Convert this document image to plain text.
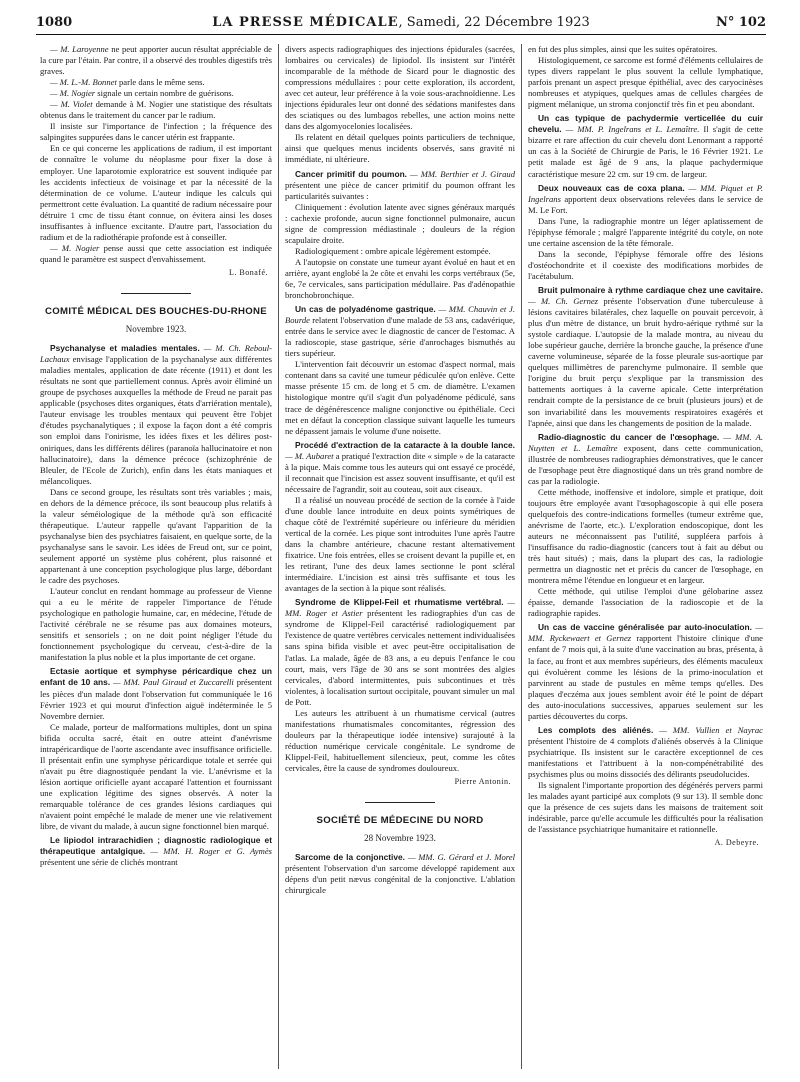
1080	LA PRESSE MÉDICALE, Samedi, 22 Décembre 1923	N° 102

— M. Laroyenne ne peut apporter aucun résultat appréciable de la cure par l'étain. Par contre, il a observé des troubles digestifs très graves.

— M. L.-M. Bonnet parle dans le même sens.

— M. Nogier signale un certain nombre de guérisons.

— M. Violet demande à M. Nogier une statistique des résultats obtenus dans le traitement du cancer par le radium.

Il insiste sur l'importance de l'infection ; la fréquence des salpingites suppurées dans le cancer utérin est frappante.

En ce qui concerne les applications de radium, il est important de connaître le volume du néoplasme pour fixer la dose à employer. Une laparotomie exploratrice est souvent indiquée par les accidents infectieux de voisinage et par la nécessité de la détermination de ce volume. L'auteur indique les calculs qui permettront cette évaluation. La quantité de radium nécessaire pour détruire 1 cmc de tissu étant connue, on évitera ainsi les doses insuffisantes à influence excitante. D'autre part, l'association du radium et de la radiothérapie profonde est à conseiller.

— M. Nogier pense aussi que cette association est indiquée quand le paramètre est suspect d'envahissement.

L. Bonafé.
COMITÉ MÉDICAL DES BOUCHES-DU-RHONE
Novembre 1923.

Psychanalyse et maladies mentales. — M. Ch. Reboul-Lachaux envisage l'application de la psychanalyse aux différentes maladies mentales, application de date récente (1911) et dont les résultats ne sont que partiellement connus. Après avoir éliminé un groupe de psychoses auxquelles la méthode de Freud ne parait pas applicable (psychoses dites organiques, états d'arriération mentale), l'auteur envisage les troubles mentaux qui peuvent être l'objet d'études psychanalytiques ; il expose la façon dont a été compris son emploi dans l'onirisme, les idées fixes et les délires post-oniriques, dans les différents délires (paranoïa hallucinatoire et non hallucinatoire), dans la démence précoce (schizophrénie de Bleuler, de l'Ecole de Zurich), enfin dans les états maniaques et mélancoliques.

Dans ce second groupe, les résultats sont très variables ; mais, en dehors de la démence précoce, ils sont beaucoup plus relatifs à la valeur séméiologique de la méthode qu'à son efficacité thérapeutique. L'auteur rappelle qu'avant l'apparition de la psychanalyse bien des psychiatres faisaient, en quelque sorte, de la psychanalyse sans le savoir. Les idées de Freud ont, sur ce point, seulement apporté un système plus cohérent, plus raisonné et appartenant à une conception psychologique plus large, débordant le cadre des psychoses.

L'auteur conclut en rendant hommage au professeur de Vienne qui a eu le mérite de rappeler l'importance de l'étude psychologique en pathologie humaine, car, en médecine, l'étude de l'activité cérébrale ne se résume pas aux domaines moteurs, sensitifs et sensoriels ; on ne doit point négliger l'étude du fonctionnement psychologique du cerveau, c'est-à-dire de la manifestation la plus noble et la plus importante de cet organe.

Ectasie aortique et symphyse péricardique chez un enfant de 10 ans. — MM. Paul Giraud et Zuccarelli présentent les pièces d'un malade dont l'observation fut communiquée le 16 Février 1923 et qui mourut d'infection aiguë indéterminée le 5 Novembre dernier.

Ce malade, porteur de malformations multiples, dont un spina bifida occulta sacré, était en outre atteint d'anévrisme intrapéricardique de l'aorte ascendante avec insuffisance orificielle. Il présentait enfin une symphyse péricardique totale et serrée qui n'avait pu être diagnostiquée pendant la vie. L'anévrisme et la lésion aortique orificielle ayant accaparé l'attention et fournissant une explication légitime des signes observés. A noter la remarquable tolérance de ces grandes lésions cardiaques qui n'avaient point empêché le malade de mener une vie relativement libre, de vivant du malade, à aucun signe fonctionnel bien marqué.

Le lipiodol intrarachidien ; diagnostic radiologique et thérapeutique antalgique. — MM. H. Roger et G. Aymès présentent une série de clichés montrant

divers aspects radiographiques des injections épidurales (sacrées, lombaires ou cervicales) de lipiodol. Ils insistent sur l'intérêt incomparable de la méthode de Sicard pour le diagnostic des compressions médullaires : pour cette exploration, ils accordent, avec cet auteur, leur préférence à la voie sous-arachnoïdienne. Les injections épidurales leur ont donné des sédations manifestes dans des sciatiques ou des lumbagos rebelles, une action moins nette dans des algomyocelonies localisées.

Ils relatent en détail quelques points particuliers de technique, ainsi que quelques menus incidents observés, sans gravité ni immédiate, ni ultérieure.

Cancer primitif du poumon. — MM. Berthier et J. Giraud présentent une pièce de cancer primitif du poumon offrant les particularités suivantes :

Cliniquement : évolution latente avec signes généraux marqués : cachexie profonde, aucun signe fonctionnel pulmonaire, aucun signe de compression médiastinale ; douleurs de la région scapulaire droite.

Radiologiquement : ombre apicale légèrement estompée.

A l'autopsie on constate une tumeur ayant évolué en haut et en arrière, ayant englobé la 2e côte et envahi les corps vertébraux (5e, 6e, 7e cervicales, sans participation médullaire. Pas d'adénopathie bronchobronchique.

Un cas de polyadénome gastrique. — MM. Chauvin et J. Bourde relatent l'observation d'une malade de 53 ans, cadavérique, entrée dans le service avec le diagnostic de cancer de l'estomac. A la radioscopie, stase gastrique, série d'anrochages bismuthés au tiers supérieur.

L'intervention fait découvrir un estomac d'aspect normal, mais contenant dans sa cavité une tumeur pédiculée qu'on enlève. Cette masse présente 15 cm. de long et 5 cm. de diamètre. L'examen histologique montre qu'il s'agit d'un polyadénome pédiculé, sans trace de dégénérescence maligne conjonctive ou épithéliale. Ceci met en défaut la conception classique suivant laquelle les tumeurs ne dépassent jamais le volume d'une noisette.

Procédé d'extraction de la cataracte à la double lance. — M. Aubaret a pratiqué l'extraction dite « simple » de la cataracte à la pique. Mais comme tous les auteurs qui ont essayé ce procédé, il reconnait que l'incision est assez souvent insuffisante, et qu'il est nécessaire de l'agrandir, soit au couteau, soit aux ciseaux.

Il a réalisé un nouveau procédé de section de la cornée à l'aide d'une double lance introduite en deux points symétriques de chaque côté de l'extrémité supérieure ou inférieure du méridien vertical de la cornée. Les pique sont introduites l'une après l'autre dans la chambre antérieure, chacune restant alternativement fixatrice. Une fois entrées, elles se croisent devant la pupille et, en les retirant, l'une des deux lames sectionne le pont scléral intermédiaire. L'incision est ainsi très suffisante et tous les avantages de la section à la pique sont réalisés.

Syndrome de Klippel-Feil et rhumatisme vertébral. — MM. Roger et Astier présentent les radiographies d'un cas de syndrome de Klippel-Feil caractérisé radiologiquement par l'existence de quatre vertèbres cervicales nettement individualisées sans spina bifida visible et avec peut-être occipitalisation de l'atlas. La malade, âgée de 83 ans, a eu depuis l'enfance le cou court, mais, vers l'âge de 30 ans se sont montrées des algies cervicales, d'abord intermittentes, puis subcontinues et très violentes, à localisation surtout occipitale, pouvant simuler un mal de Pott.

Les auteurs les attribuent à un rhumatisme cervical (autres manifestations rhumatismales concomitantes, régression des douleurs par la thérapeutique iodée intensive) surajouté à la réduction numérique cervicale congénitale. Le syndrome de Klippel-Feil, habituellement silencieux, peut, comme les côtes cervicales, être la cause de syndromes douloureux.

Pierre Antonin.
SOCIÉTÉ DE MÉDECINE DU NORD
28 Novembre 1923.

Sarcome de la conjonctive. — MM. G. Gérard et J. Morel présentent l'observation d'un sarcome développé rapidement aux dépens d'un petit nævus congénital de la conjonctive. L'ablation chirurgicale

en fut des plus simples, ainsi que les suites opératoires.

Histologiquement, ce sarcome est formé d'éléments cellulaires de types divers rappelant le plus souvent la cellule lymphatique, parfois prenant un aspect presque épithélial, avec des caryocinèses nombreuses et atypiques, quelques amas de cellules chargées de pigment mélanique, un stroma conjonctif très fin et peu abondant.

Un cas typique de pachydermie verticellée du cuir chevelu. — MM. P. Ingelrans et L. Lemaître. Il s'agit de cette bizarre et rare affection du cuir chevelu dont Lenormant a rapporté un cas à la Société de Chirurgie de Paris, le 16 Février 1921. Le petit malade est âgé de 9 ans, la plaque pachydermique caractéristique mesure 22 cm. sur 19 cm. de largeur.

Deux nouveaux cas de coxa plana. — MM. Piquet et P. Ingelrans apportent deux observations relevées dans le service de M. Le Fort.

Dans l'une, la radiographie montre un léger aplatissement de l'épiphyse fémorale ; malgré l'apparente intégrité du cotyle, on note une certaine ascension de la tête fémorale.

Dans la seconde, l'épiphyse fémorale offre des lésions d'ostéochondrite et il coexiste des modifications morbides de l'acétabulum.

Bruit pulmonaire à rythme cardiaque chez une cavitaire. — M. Ch. Gernez présente l'observation d'une tuberculeuse à lésions cavitaires bilatérales, chez laquelle on pouvait percevoir, à plus d'un mètre de distance, un bruit hydro-aérique rythmé sur la systole cardiaque. L'autopsie de la malade montra, au niveau du lobe supérieur gauche, derrière la bronche gauche, la présence d'une caverne volumineuse, séparée de la fosse pleurale sus-aortique par quelques millimètres de parenchyme pulmonaire. Il semble que l'origine du bruit perçu s'explique par la transmission des battements aortiques à la caverne apicale. Cette interprétation rendrait compte de la persistance de ce bruit (plusieurs jours) et de son invariabilité dans les mouvements respiratoires exagérés et l'apnée, ainsi que dans les changements de position de la malade.

Radio-diagnostic du cancer de l'œsophage. — MM. A. Nuytten et L. Lemaître exposent, dans cette communication, illustrée de nombreuses radiographies démonstratives, que le cancer de l'œsophage peut être diagnostiqué dans un très grand nombre de cas par la radiologie.

Cette méthode, inoffensive et indolore, simple et pratique, doit toujours être employée avant l'œsophagoscopie à qui elle posera quelquefois des contre-indications formelles (tumeur extrême que, anévrisme de l'aorte, etc.). L'exploration endoscopique, dont les auteurs ne méconnaissent pas l'utilité, suppléera parfois à l'insuffisance du radio-diagnostic (cancers tout à fait au début ou très haut situés) ; mais, dans la plupart des cas, la radiologie permettra un diagnostic net et précis du cancer de l'œsophage, en montrera même l'étendue en longueur et en largeur.

Cette méthode, qui utilise l'emploi d'une gélobarine assez épaisse, demande l'association de la radioscopie et de la radiographie rapides.

Un cas de vaccine généralisée par auto-inoculation. — MM. Ryckewaert et Gernez rapportent l'histoire clinique d'une enfant de 7 mois qui, à la suite d'une vaccination au bras, présenta, à la face, au front et aux membres supérieurs, des éléments maculeux qui évoluèrent comme les lésions de la primo-inoculation et parvinrent au stade de pustules en même temps qu'elles. Des plaques d'eczéma aux joues semblent avoir été le point de départ des auto-inoculations successives, apparues seulement sur les parties découvertes du corps.

Les complots des aliénés. — MM. Vullien et Nayrac présentent l'histoire de 4 complots d'aliénés observés à la Clinique psychiatrique. Ils insistent sur le caractère exceptionnel de ces manifestations et l'attribuent à la non-compénétrabilité des psychismes plus ou moins dissociés des délirants pseudolucides.

Ils signalent l'importante proportion des dégénérés pervers parmi les malades ayant participé aux complots (9 sur 13). Il semble donc que la présence de ces sujets dans les maisons de traitement soit indésirable, parce qu'elle accumule les difficultés pour la réalisation de l'assistance psychiatrique humanitaire et rationnelle.

A. Debeyre.
